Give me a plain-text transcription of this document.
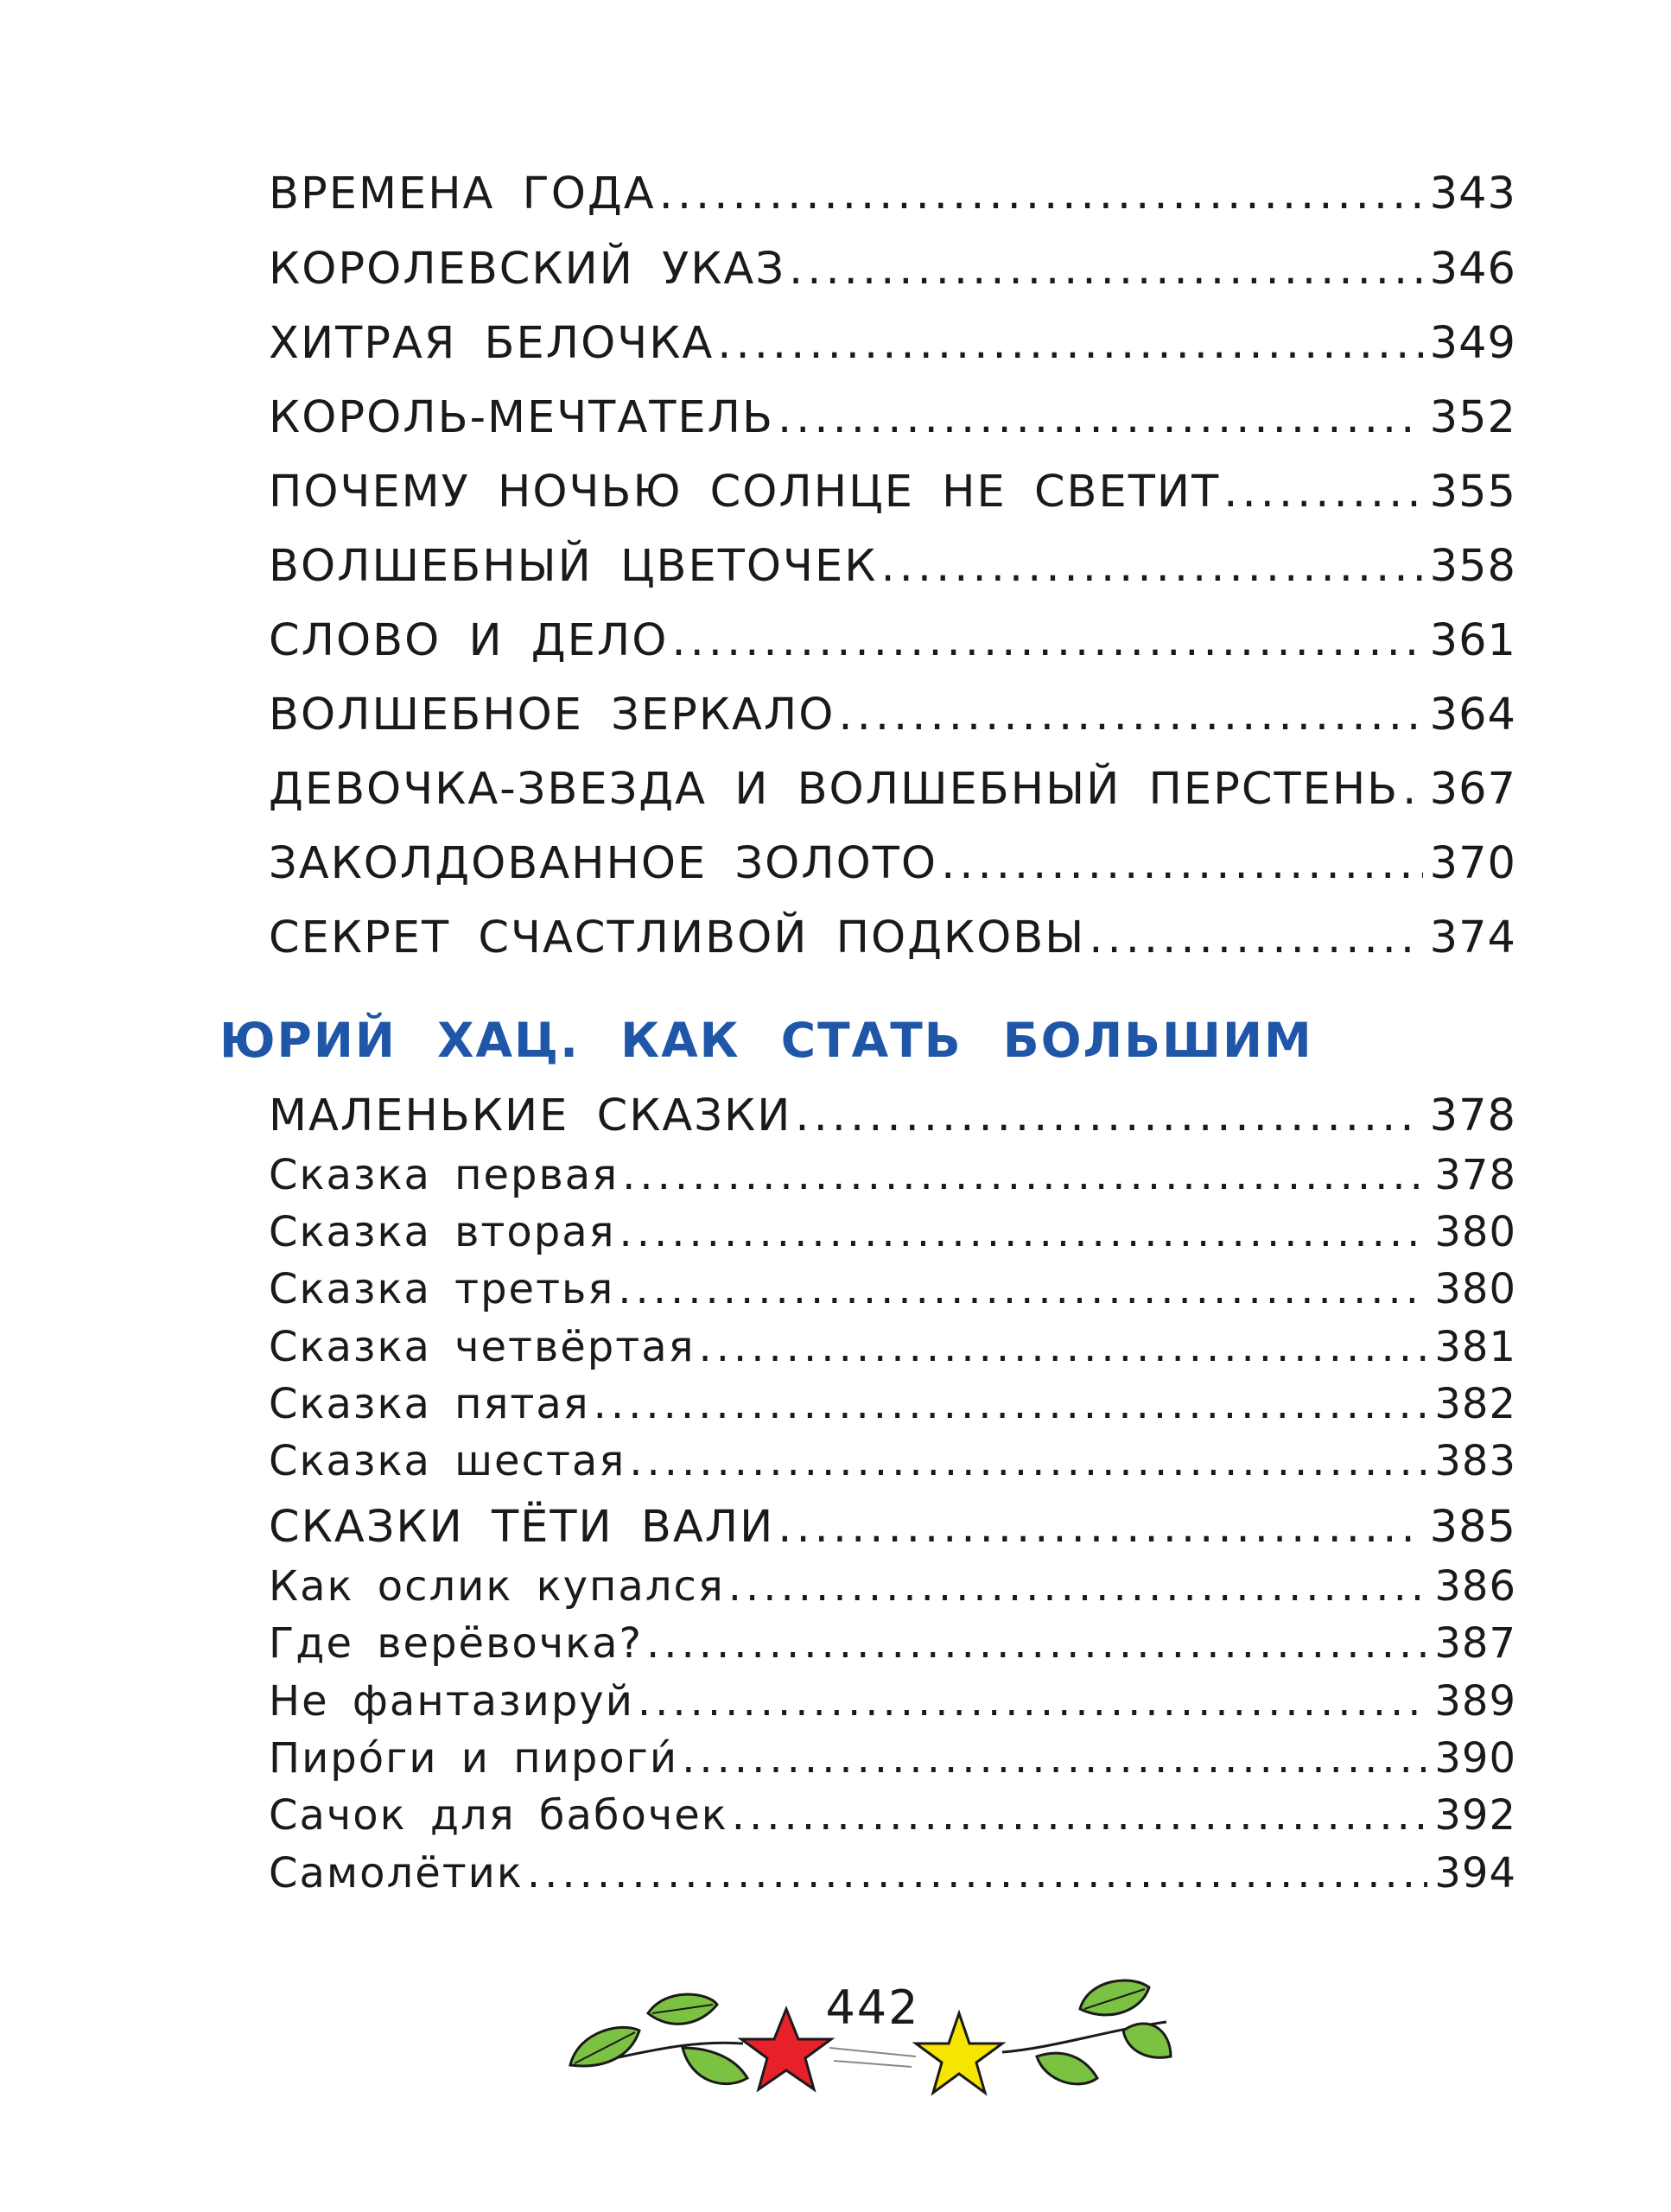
ВРЕМЕНА ГОДА .....	343
КОРОЛЕВСКИЙ УКАЗ .....	346
ХИТРАЯ БЕЛОЧКА .....	349
КОРОЛЬ-МЕЧТАТЕЛЬ .....	352
ПОЧЕМУ НОЧЬЮ СОЛНЦЕ НЕ СВЕТИТ .....	355
ВОЛШЕБНЫЙ ЦВЕТОЧЕК .....	358
СЛОВО И ДЕЛО .....	361
ВОЛШЕБНОЕ ЗЕРКАЛО .....	364
ДЕВОЧКА-ЗВЕЗДА И ВОЛШЕБНЫЙ ПЕРСТЕНЬ ..... 367
ЗАКОЛДОВАННОЕ ЗОЛОТО .....	370
СЕКРЕТ СЧАСТЛИВОЙ ПОДКОВЫ .....	374
ЮРИЙ ХАЦ. КАК СТАТЬ БОЛЬШИМ
МАЛЕНЬКИЕ СКАЗКИ .....	378
Сказка первая .....	378
Сказка вторая .....	380
Сказка третья .....	380
Сказка четвёртая .....	381
Сказка пятая .....	382
Сказка шестая .....	383
СКАЗКИ ТЁТИ ВАЛИ .....	385
Как ослик купался .....	386
Где верёвочка? .....	387
Не фантазируй .....	389
Пиро́ги и пироги́ .....	390
Сачок для бабочек .....	392
Самолётик .....	394
442
